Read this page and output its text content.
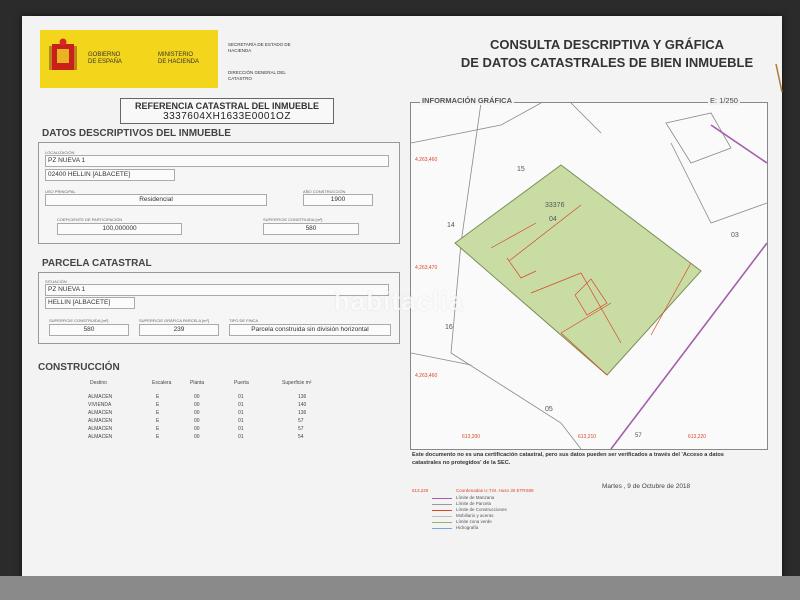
GOBIERNO
DE ESPAÑA
MINISTERIO
DE HACIENDA
SECRETARÍA DE ESTADO DE HACIENDA
DIRECCIÓN GENERAL DEL CATASTRO
CONSULTA DESCRIPTIVA Y GRÁFICA
DE DATOS CATASTRALES DE BIEN INMUEBLE
REFERENCIA CATASTRAL DEL INMUEBLE
3337604XH1633E0001OZ
DATOS DESCRIPTIVOS DEL INMUEBLE
LOCALIZACIÓN
PZ NUEVA 1
02400 HELLIN [ALBACETE]
USO PRINCIPAL
Residencial
AÑO CONSTRUCCIÓN
1900
COEFICIENTE DE PARTICIPACIÓN
100,000000
SUPERFICIE CONSTRUIDA [m²]
580
PARCELA CATASTRAL
SITUACIÓN
PZ NUEVA 1
HELLIN [ALBACETE]
SUPERFICIE CONSTRUIDA [m²]
580
SUPERFICIE GRÁFICA PARCELA [m²]
239
TIPO DE FINCA
Parcela construida sin división horizontal
CONSTRUCCIÓN
Destino	Escalera	Planta	Puerta	Superficie m²
ALMACEN	E	00	01	136
VIVIENDA	E	00	01	140
ALMACEN	E	00	01	136
ALMACEN	E	00	01	57
ALMACEN	E	00	01	57
ALMACEN	E	00	01	54
4,263,460
4,263,470
4,263,460
15
14
16
05
03
33376
04
57
INFORMACIÓN GRÁFICA	E: 1/250
613,200	613,210	613,220
Este documento no es una certificación catastral, pero sus datos pueden ser verificados a través del 'Acceso a datos catastrales no protegidos' de la SEC.
Martes , 9 de Octubre de 2018
613,220	Coordenadas U.T.M. Huso 30 ETRS89
Límite de Manzana
Límite de Parcela
Límite de Construcciones
Mobiliario y aceras
Límite zona verde
Hidrografía
habitaclia
